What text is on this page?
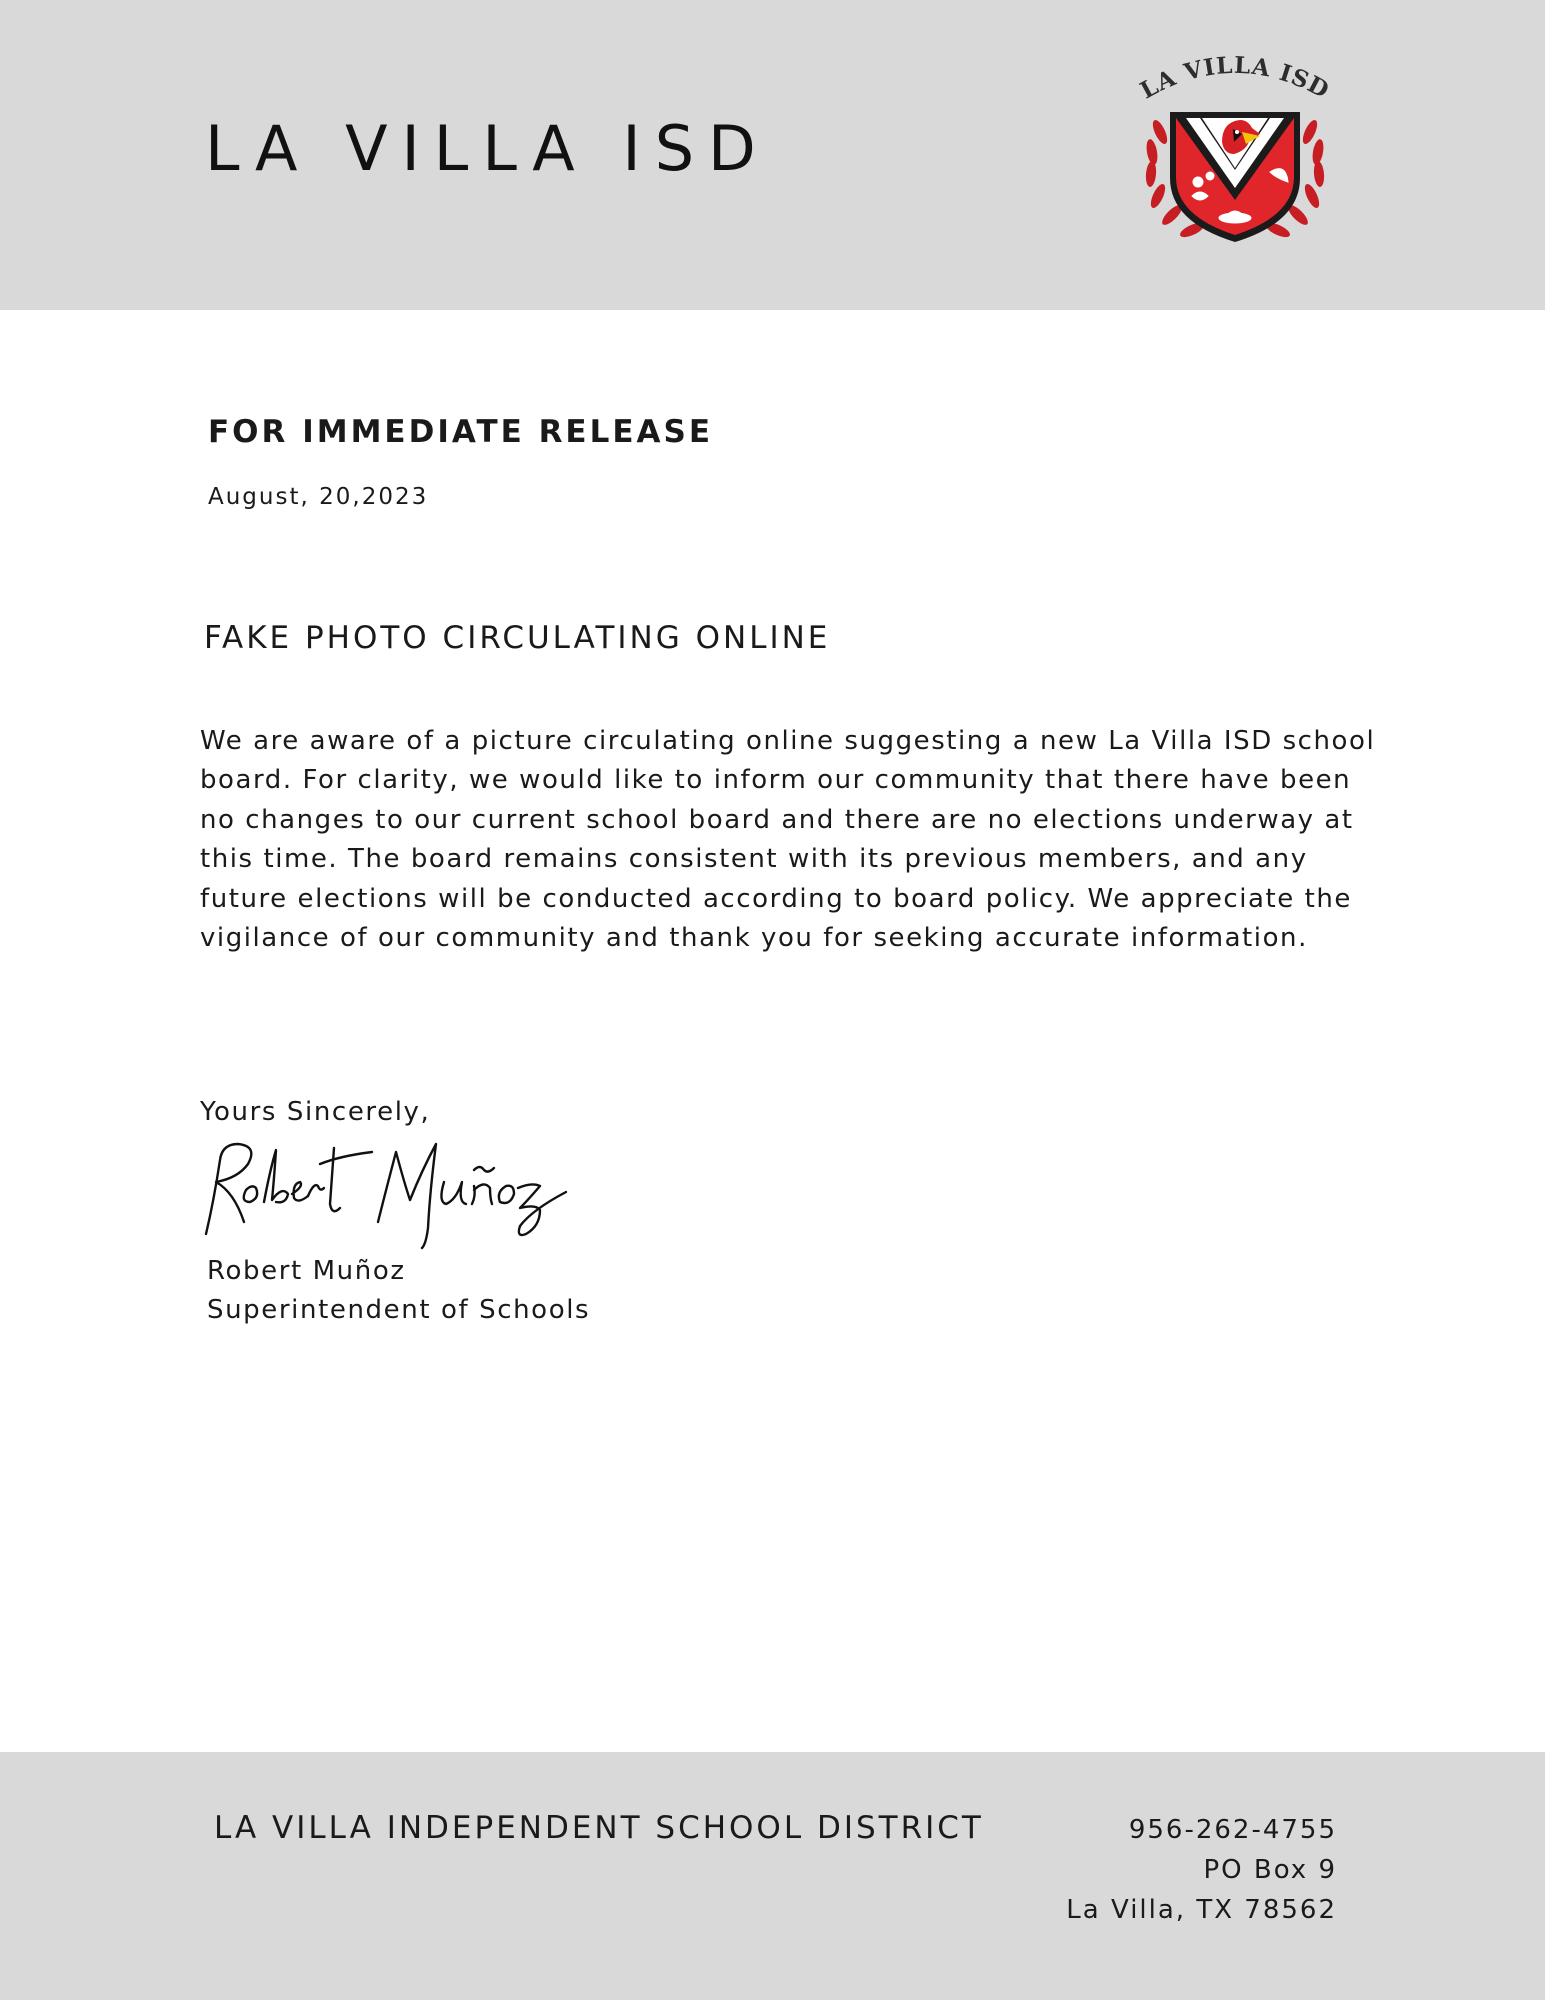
LA VILLA ISD
LA VILLA ISD
FOR IMMEDIATE RELEASE
August, 20,2023
FAKE PHOTO CIRCULATING ONLINE

We are aware of a picture circulating online suggesting a new La Villa ISD school
board. For clarity, we would like to inform our community that there have been
no changes to our current school board and there are no elections underway at
this time. The board remains consistent with its previous members, and any
future elections will be conducted according to board policy. We appreciate the
vigilance of our community and thank you for seeking accurate information.

Yours Sincerely,
Robert Muñoz
Superintendent of Schools
LA VILLA INDEPENDENT SCHOOL DISTRICT	956-262-4755
PO Box 9
La Villa, TX 78562
